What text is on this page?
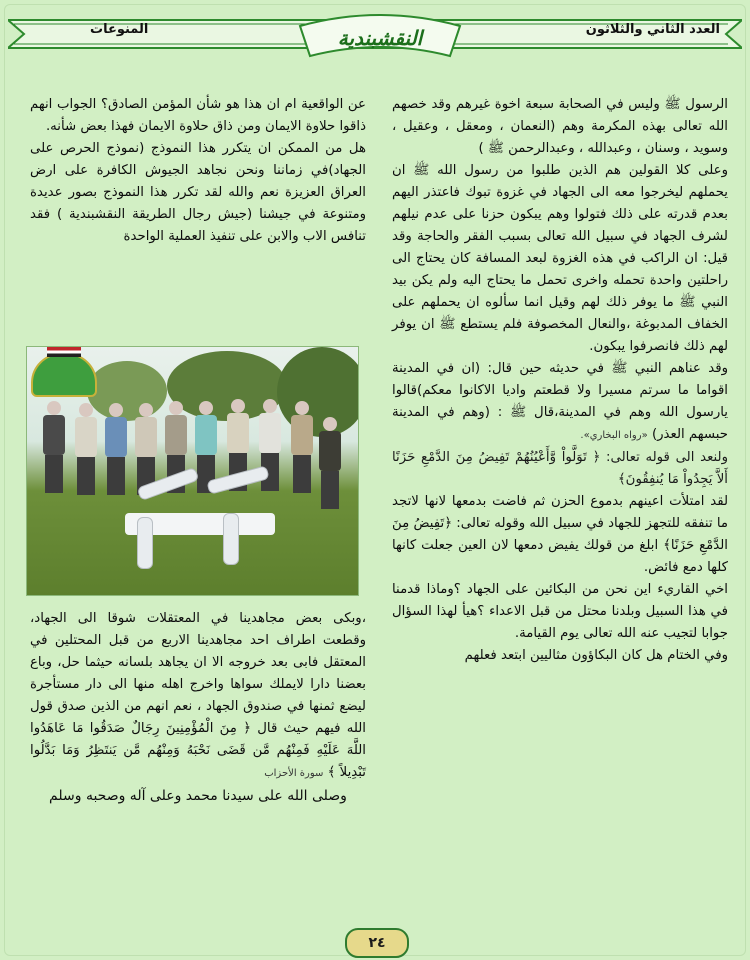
العدد الثاني والثلاثون
المنوعات	النقشبندية

الرسول ﷺ وليس في الصحابة سبعة اخوة غيرهم وقد خصهم الله تعالى بهذه المكرمة وهم (النعمان ، ومعقل ، وعقيل ، وسويد ، وسنان ، وعبدالله ، وعبدالرحمن ﷺ )

وعلى كلا القولين هم الذين طلبوا من رسول الله ﷺ ان يحملهم ليخرجوا معه الى الجهاد في غزوة تبوك فاعتذر اليهم بعدم قدرته على ذلك فتولوا وهم يبكون حزنا على عدم نيلهم لشرف الجهاد في سبيل الله تعالى بسبب الفقر والحاجة وقد قيل: ان الراكب في هذه الغزوة لبعد المسافة كان يحتاج الى راحلتين واحدة تحمله واخرى تحمل ما يحتاج اليه ولم يكن بيد النبي ﷺ ما يوفر ذلك لهم وقيل انما سألوه ان يحملهم على الخفاف المدبوغة ،والنعال المخصوفة فلم يستطع ﷺ ان يوفر لهم ذلك فانصرفوا يبكون.

وقد عناهم النبي ﷺ في حديثه حين قال: (ان في المدينة اقواما ما سرتم مسيرا ولا قطعتم واديا الاكانوا معكم)قالوا يارسول الله وهم في المدينة،قال ﷺ : (وهم في المدينة حبسهم العذر) «رواه البخاري».

ولنعد الى قوله تعالى: ﴿ تَوَلَّواْ وَّأَعْيُنُهُمْ تَفِيضُ مِنَ الدَّمْعِ حَزَنًا أَلاَّ يَجِدُواْ مَا يُنفِقُونَ﴾

لقد امتلأت اعينهم بدموع الحزن ثم فاضت بدمعها لانها لاتجد ما تنفقه للتجهز للجهاد في سبيل الله وقوله تعالى: ﴿تَفِيضُ مِنَ الدَّمْعِ حَزَنًا﴾ ابلغ من قولك يفيض دمعها لان العين جعلت كانها كلها دمع فائض.

اخي القاريء اين نحن من البكائين على الجهاد ؟وماذا قدمنا في هذا السبيل وبلدنا محتل من قبل الاعداء ؟هيأ لهذا السؤال جوابا لتجيب عنه الله تعالى يوم القيامة.

وفي الختام هل كان البكاؤون مثاليين ابتعد فعلهم

عن الواقعية ام ان هذا هو شأن المؤمن الصادق؟ الجواب انهم ذاقوا حلاوة الايمان ومن ذاق حلاوة الايمان فهذا بعض شأنه.

هل من الممكن ان يتكرر هذا النموذج (نموذج الحرص على الجهاد)في زماننا ونحن نجاهد الجيوش الكافرة على ارض العراق العزيزة نعم والله لقد تكرر هذا النموذج بصور عديدة ومتنوعة في جيشنا (جيش رجال الطريقة النقشبندية ) فقد تنافس الاب والابن على تنفيذ العملية الواحدة

،وبكى بعض مجاهدينا في المعتقلات شوقا الى الجهاد، وقطعت اطراف احد مجاهدينا الاربع من قبل المحتلين في المعتقل فابى بعد خروجه الا ان يجاهد بلسانه حيثما حل، وباع بعضنا دارا لايملك سواها واخرج اهله منها الى دار مستأجرة ليضع ثمنها في صندوق الجهاد ، نعم انهم من الذين صدق قول الله فيهم حيث قال ﴿ مِنَ الْمُؤْمِنِينَ رِجَالٌ صَدَقُوا مَا عَاهَدُوا اللَّهَ عَلَيْهِ فَمِنْهُم مَّن قَضَى نَحْبَهُ وَمِنْهُم مَّن يَنتَظِرُ وَمَا بَدَّلُوا تَبْدِيلاً ﴾ سورة الأحزاب

وصلى الله على سيدنا محمد وعلى آله وصحبه وسلم

٢٤
